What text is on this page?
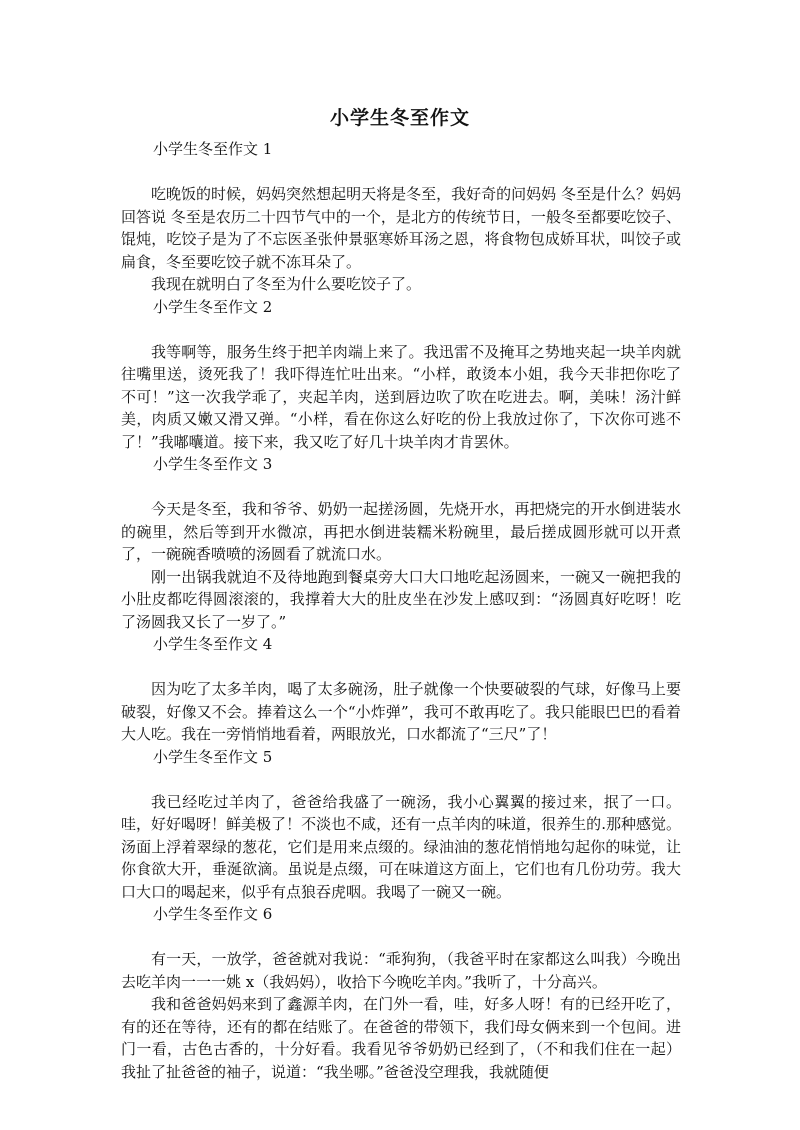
小学生冬至作文
小学生冬至作文 1

吃晚饭的时候，妈妈突然想起明天将是冬至，我好奇的问妈妈 冬至是什么？妈妈回答说 冬至是农历二十四节气中的一个，是北方的传统节日，一般冬至都要吃饺子、馄炖，吃饺子是为了不忘医圣张仲景驱寒娇耳汤之恩，将食物包成娇耳状，叫饺子或扁食，冬至要吃饺子就不冻耳朵了。

我现在就明白了冬至为什么要吃饺子了。

小学生冬至作文 2

我等啊等，服务生终于把羊肉端上来了。我迅雷不及掩耳之势地夹起一块羊肉就往嘴里送，烫死我了！我吓得连忙吐出来。“小样，敢烫本小姐，我今天非把你吃了不可！”这一次我学乖了，夹起羊肉，送到唇边吹了吹在吃进去。啊，美味！汤汁鲜美，肉质又嫩又滑又弹。“小样，看在你这么好吃的份上我放过你了，下次你可逃不了！”我嘟囔道。接下来，我又吃了好几十块羊肉才肯罢休。

小学生冬至作文 3

今天是冬至，我和爷爷、奶奶一起搓汤圆，先烧开水，再把烧完的开水倒进装水的碗里，然后等到开水微凉，再把水倒进装糯米粉碗里，最后搓成圆形就可以开煮了，一碗碗香喷喷的汤圆看了就流口水。

刚一出锅我就迫不及待地跑到餐桌旁大口大口地吃起汤圆来，一碗又一碗把我的小肚皮都吃得圆滚滚的，我撑着大大的肚皮坐在沙发上感叹到：“汤圆真好吃呀！吃了汤圆我又长了一岁了。”

小学生冬至作文 4

因为吃了太多羊肉，喝了太多碗汤，肚子就像一个快要破裂的气球，好像马上要破裂，好像又不会。捧着这么一个“小炸弹”，我可不敢再吃了。我只能眼巴巴的看着大人吃。我在一旁悄悄地看着，两眼放光，口水都流了“三尺”了！

小学生冬至作文 5

我已经吃过羊肉了，爸爸给我盛了一碗汤，我小心翼翼的接过来，抿了一口。哇，好好喝呀！鲜美极了！不淡也不咸，还有一点羊肉的味道，很养生的.那种感觉。汤面上浮着翠绿的葱花，它们是用来点缀的。绿油油的葱花悄悄地勾起你的味觉，让你食欲大开，垂涎欲滴。虽说是点缀，可在味道这方面上，它们也有几份功劳。我大口大口的喝起来，似乎有点狼吞虎咽。我喝了一碗又一碗。

小学生冬至作文 6

有一天，一放学，爸爸就对我说：“乖狗狗，（我爸平时在家都这么叫我）今晚出去吃羊肉一一一姚 x（我妈妈），收拾下今晚吃羊肉。”我听了，十分高兴。

我和爸爸妈妈来到了鑫源羊肉，在门外一看，哇，好多人呀！有的已经开吃了，有的还在等待，还有的都在结账了。在爸爸的带领下，我们母女俩来到一个包间。进门一看，古色古香的，十分好看。我看见爷爷奶奶已经到了，（不和我们住在一起）我扯了扯爸爸的袖子，说道：“我坐哪。”爸爸没空理我，我就随便
